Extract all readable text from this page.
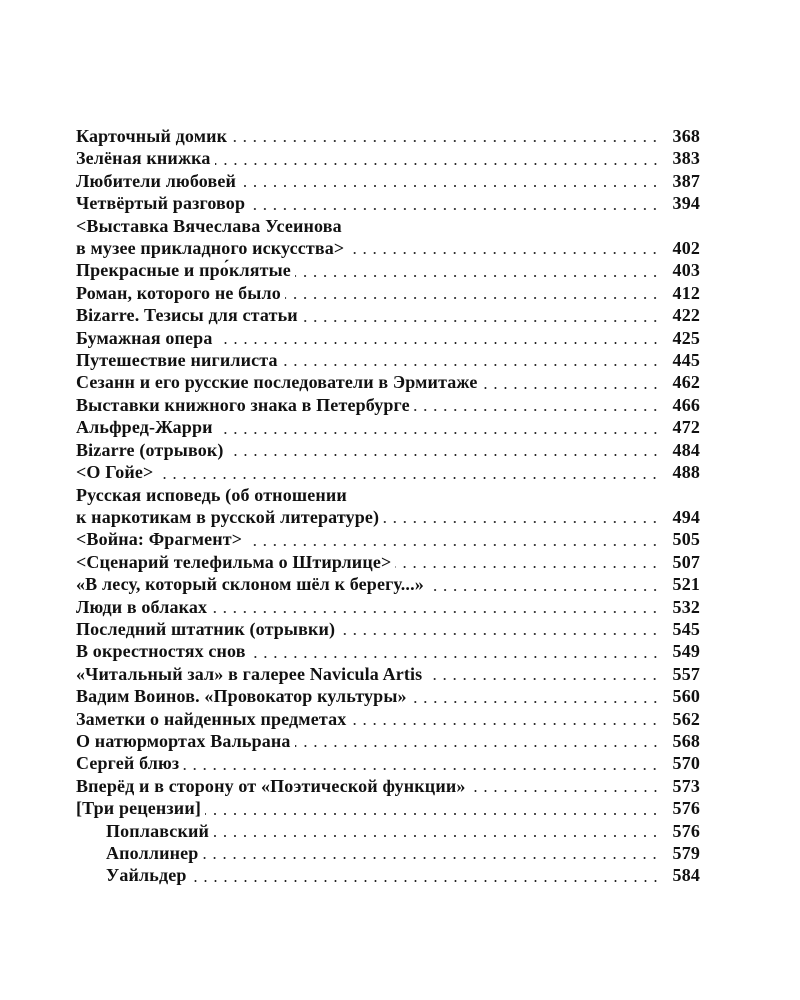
Карточный домик	368
Зелёная книжка	383
Любители любовей	387
Четвёртый разговор	394
<Выставка Вячеслава Усеинова
в музее прикладного искусства>	402
Прекрасные и про́клятые	403
Роман, которого не было	412
Bizarre. Тезисы для статьи	422
Бумажная опера	425
Путешествие нигилиста	445
Сезанн и его русские последователи в Эрмитаже	462
Выставки книжного знака в Петербурге	466
Альфред-Жарри	472
Bizarre (отрывок)	484
<О Гойе>	488
Русская исповедь (об отношении
к наркотикам в русской литературе)	494
<Война: Фрагмент>	505
<Сценарий телефильма о Штирлице>	507
«В лесу, который склоном шёл к берегу...»	521
Люди в облаках	532
Последний штатник (отрывки)	545
В окрестностях снов	549
«Читальный зал» в галерее Navicula Artis	557
Вадим Воинов. «Провокатор культуры»	560
Заметки о найденных предметах	562
О натюрмортах Вальрана	568
Сергей блюз	570
Вперёд и в сторону от «Поэтической функции»	573
[Три рецензии]	576
Поплавский	576
Аполлинер	579
Уайльдер	584
